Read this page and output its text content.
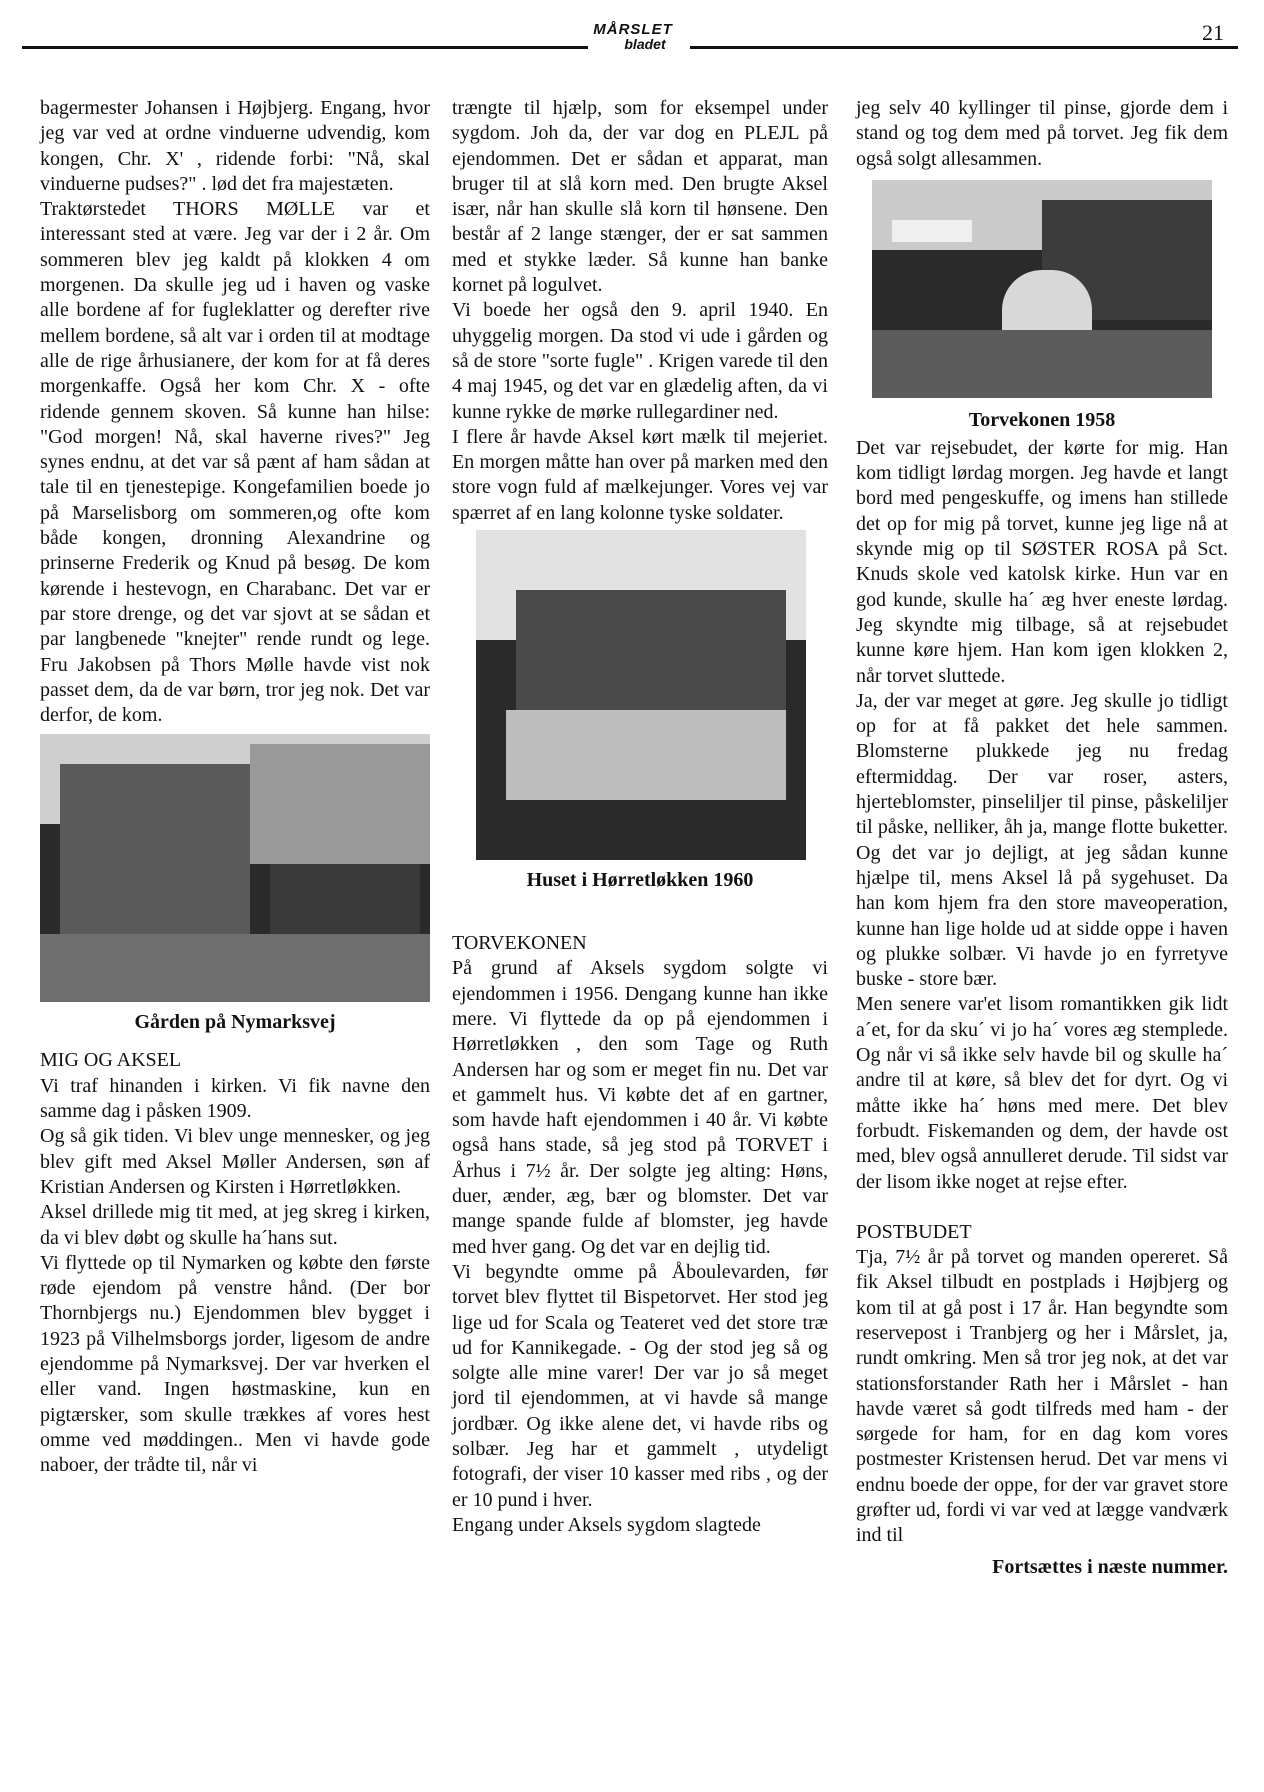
MÅRSLET
bladet	21

bagermester Johansen i Højbjerg. Engang, hvor jeg var ved at ordne vinduerne udvendig, kom kongen, Chr. X' , ridende forbi: "Nå, skal vinduerne pudses?" . lød det fra majestæten.

Traktørstedet THORS MØLLE var et interessant sted at være. Jeg var der i 2 år. Om sommeren blev jeg kaldt på klokken 4 om morgenen. Da skulle jeg ud i haven og vaske alle bordene af for fugleklatter og derefter rive mellem bordene, så alt var i orden til at modtage alle de rige århusianere, der kom for at få deres morgenkaffe. Også her kom Chr. X - ofte ridende gennem skoven. Så kunne han hilse: "God morgen! Nå, skal haverne rives?" Jeg synes endnu, at det var så pænt af ham sådan at tale til en tjenestepige. Kongefamilien boede jo på Marselisborg om sommeren,og ofte kom både kongen, dronning Alexandrine og prinserne Frederik og Knud på besøg. De kom kørende i hestevogn, en Charabanc. Det var er par store drenge, og det var sjovt at se sådan et par langbenede "knejter" rende rundt og lege. Fru Jakobsen på Thors Mølle havde vist nok passet dem, da de var børn, tror jeg nok. Det var derfor, de kom.

Gården på Nymarksvej
MIG OG AKSEL

Vi traf hinanden i kirken. Vi fik navne den samme dag i påsken 1909.

Og så gik tiden. Vi blev unge mennesker, og jeg blev gift med Aksel Møller Andersen, søn af Kristian Andersen og Kirsten i Hørretløkken.

Aksel drillede mig tit med, at jeg skreg i kirken, da vi blev døbt og skulle ha´hans sut.

Vi flyttede op til Nymarken og købte den første røde ejendom på venstre hånd. (Der bor Thornbjergs nu.) Ejendommen blev bygget i 1923 på Vilhelmsborgs jorder, ligesom de andre ejendomme på Nymarksvej. Der var hverken el eller vand. Ingen høstmaskine, kun en pigtærsker, som skulle trækkes af vores hest omme ved møddingen.. Men vi havde gode naboer, der trådte til, når vi

trængte til hjælp, som for eksempel under sygdom. Joh da, der var dog en PLEJL på ejendommen. Det er sådan et apparat, man bruger til at slå korn med. Den brugte Aksel især, når han skulle slå korn til hønsene. Den består af 2 lange stænger, der er sat sammen med et stykke læder. Så kunne han banke kornet på logulvet.

Vi boede her også den 9. april 1940. En uhyggelig morgen. Da stod vi ude i gården og så de store "sorte fugle" . Krigen varede til den 4 maj 1945, og det var en glædelig aften, da vi kunne rykke de mørke rullegardiner ned.

I flere år havde Aksel kørt mælk til mejeriet. En morgen måtte han over på marken med den store vogn fuld af mælkejunger. Vores vej var spærret af en lang kolonne tyske soldater.

Huset i Hørretløkken 1960
TORVEKONEN

På grund af Aksels sygdom solgte vi ejendommen i 1956. Dengang kunne han ikke mere. Vi flyttede da op på ejendommen i Hørretløkken , den som Tage og Ruth Andersen har og som er meget fin nu. Det var et gammelt hus. Vi købte det af en gartner, som havde haft ejendommen i 40 år. Vi købte også hans stade, så jeg stod på TORVET i Århus i 7½ år. Der solgte jeg alting: Høns, duer, ænder, æg, bær og blomster. Det var mange spande fulde af blomster, jeg havde med hver gang. Og det var en dejlig tid.

Vi begyndte omme på Åboulevarden, før torvet blev flyttet til Bispetorvet. Her stod jeg lige ud for Scala og Teateret ved det store træ ud for Kannikegade. - Og der stod jeg så og solgte alle mine varer! Der var jo så meget jord til ejendommen, at vi havde så mange jordbær. Og ikke alene det, vi havde ribs og solbær. Jeg har et gammelt , utydeligt fotografi, der viser 10 kasser med ribs , og der er 10 pund i hver.

Engang under Aksels sygdom slagtede

jeg selv 40 kyllinger til pinse, gjorde dem i stand og tog dem med på torvet. Jeg fik dem også solgt allesammen.

Torvekonen 1958

Det var rejsebudet, der kørte for mig. Han kom tidligt lørdag morgen. Jeg havde et langt bord med pengeskuffe, og imens han stillede det op for mig på torvet, kunne jeg lige nå at skynde mig op til SØSTER ROSA på Sct. Knuds skole ved katolsk kirke. Hun var en god kunde, skulle ha´ æg hver eneste lørdag. Jeg skyndte mig tilbage, så at rejsebudet kunne køre hjem. Han kom igen klokken 2, når torvet sluttede.

Ja, der var meget at gøre. Jeg skulle jo tidligt op for at få pakket det hele sammen. Blomsterne plukkede jeg nu fredag eftermiddag. Der var roser, asters, hjerteblomster, pinseliljer til pinse, påskeliljer til påske, nelliker, åh ja, mange flotte buketter. Og det var jo dejligt, at jeg sådan kunne hjælpe til, mens Aksel lå på sygehuset. Da han kom hjem fra den store maveoperation, kunne han lige holde ud at sidde oppe i haven og plukke solbær. Vi havde jo en fyrretyve buske - store bær.

Men senere var'et lisom romantikken gik lidt a´et, for da sku´ vi jo ha´ vores æg stemplede. Og når vi så ikke selv havde bil og skulle ha´ andre til at køre, så blev det for dyrt. Og vi måtte ikke ha´ høns med mere. Det blev forbudt. Fiskemanden og dem, der havde ost med, blev også annulleret derude. Til sidst var der lisom ikke noget at rejse efter.

POSTBUDET

Tja, 7½ år på torvet og manden opereret. Så fik Aksel tilbudt en postplads i Højbjerg og kom til at gå post i 17 år. Han begyndte som reservepost i Tranbjerg og her i Mårslet, ja, rundt omkring. Men så tror jeg nok, at det var stationsforstander Rath her i Mårslet - han havde været så godt tilfreds med ham - der sørgede for ham, for en dag kom vores postmester Kristensen herud. Det var mens vi endnu boede der oppe, for der var gravet store grøfter ud, fordi vi var ved at lægge vandværk ind til

Fortsættes i næste nummer.
